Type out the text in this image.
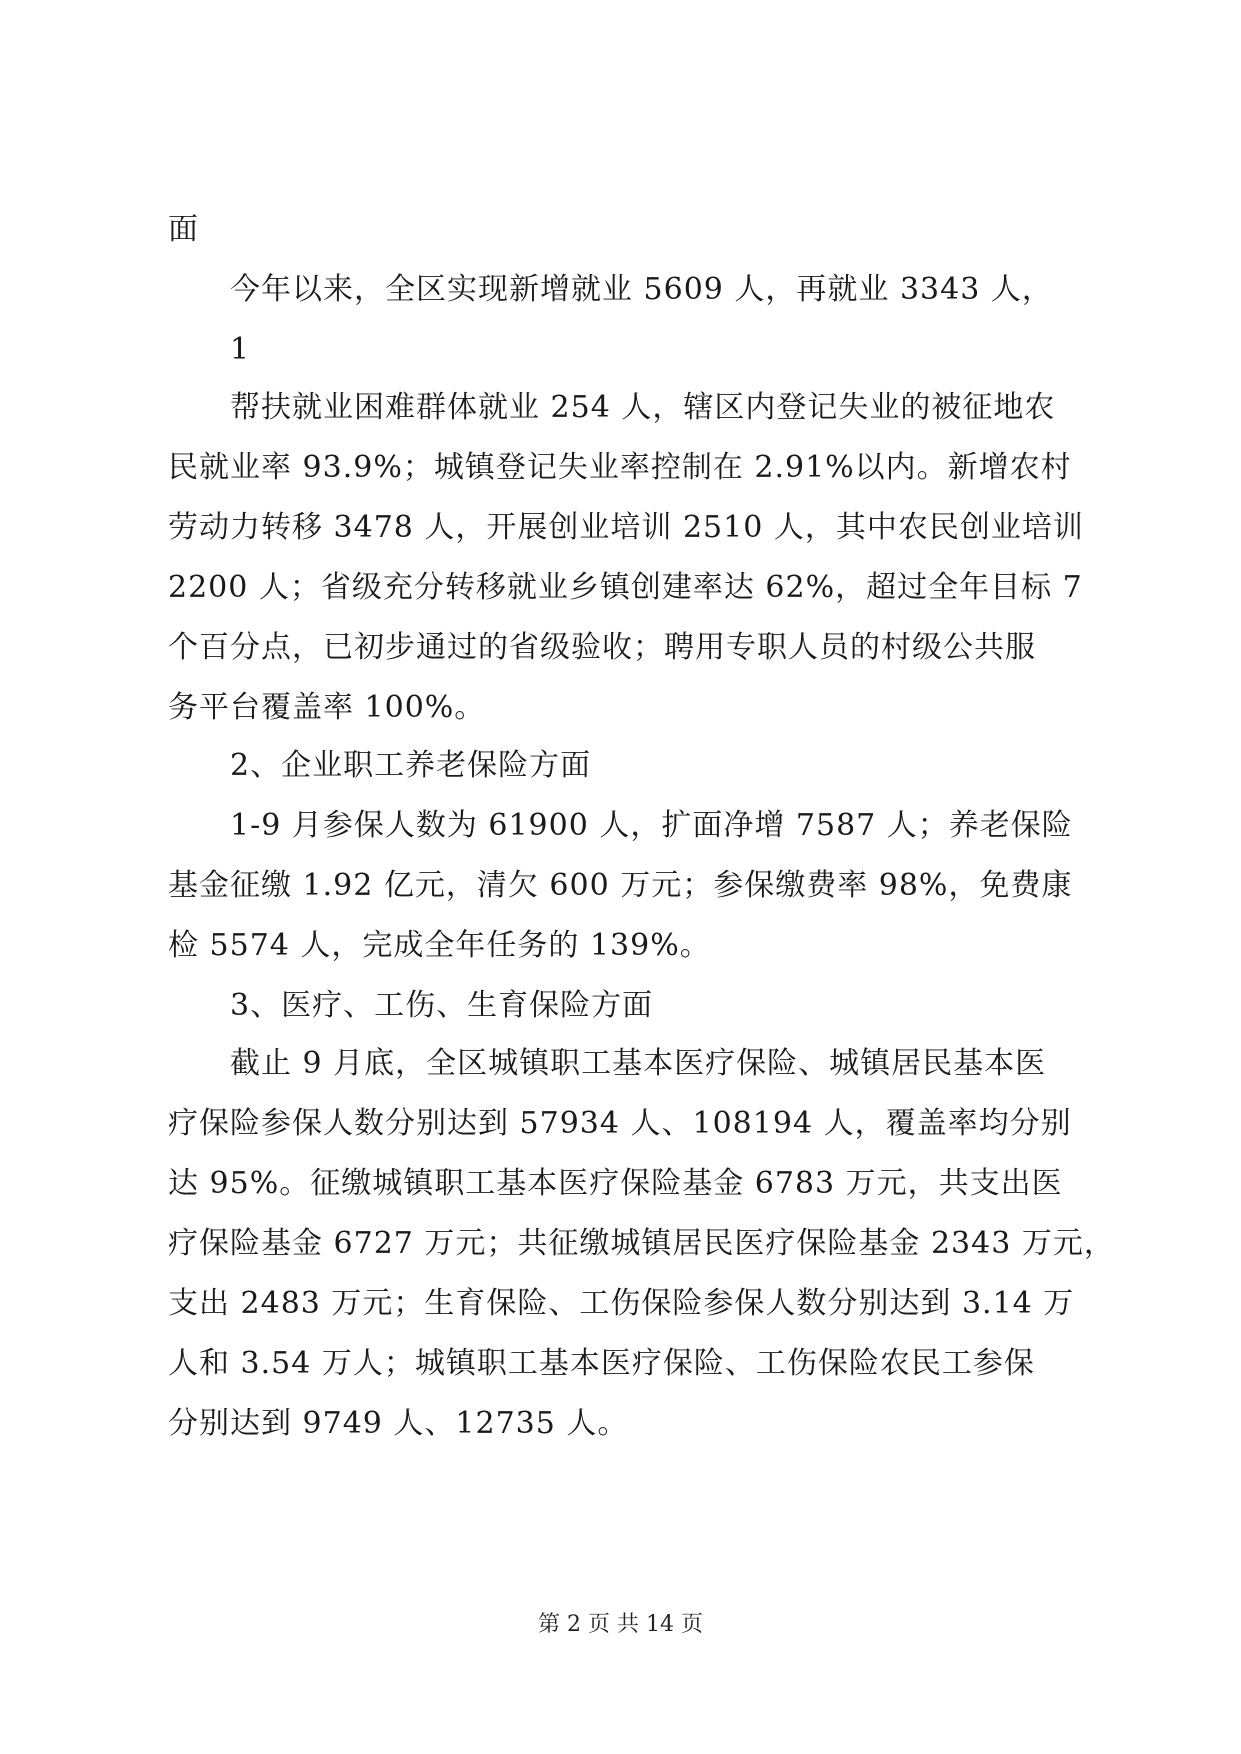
面
今年以来，全区实现新增就业 5609 人，再就业 3343 人，
1
帮扶就业困难群体就业 254 人，辖区内登记失业的被征地农
民就业率 93.9%；城镇登记失业率控制在 2.91%以内。新增农村
劳动力转移 3478 人，开展创业培训 2510 人，其中农民创业培训
2200 人；省级充分转移就业乡镇创建率达 62%，超过全年目标 7
个百分点，已初步通过的省级验收；聘用专职人员的村级公共服
务平台覆盖率 100%。
2、企业职工养老保险方面
1-9 月参保人数为 61900 人，扩面净增 7587 人；养老保险
基金征缴 1.92 亿元，清欠 600 万元；参保缴费率 98%，免费康
检 5574 人，完成全年任务的 139%。
3、医疗、工伤、生育保险方面
截止 9 月底，全区城镇职工基本医疗保险、城镇居民基本医
疗保险参保人数分别达到 57934 人、108194 人，覆盖率均分别
达 95%。征缴城镇职工基本医疗保险基金 6783 万元，共支出医
疗保险基金 6727 万元；共征缴城镇居民医疗保险基金 2343 万元，
支出 2483 万元；生育保险、工伤保险参保人数分别达到 3.14 万
人和 3.54 万人；城镇职工基本医疗保险、工伤保险农民工参保
分别达到 9749 人、12735 人。
第 2 页 共 14 页
